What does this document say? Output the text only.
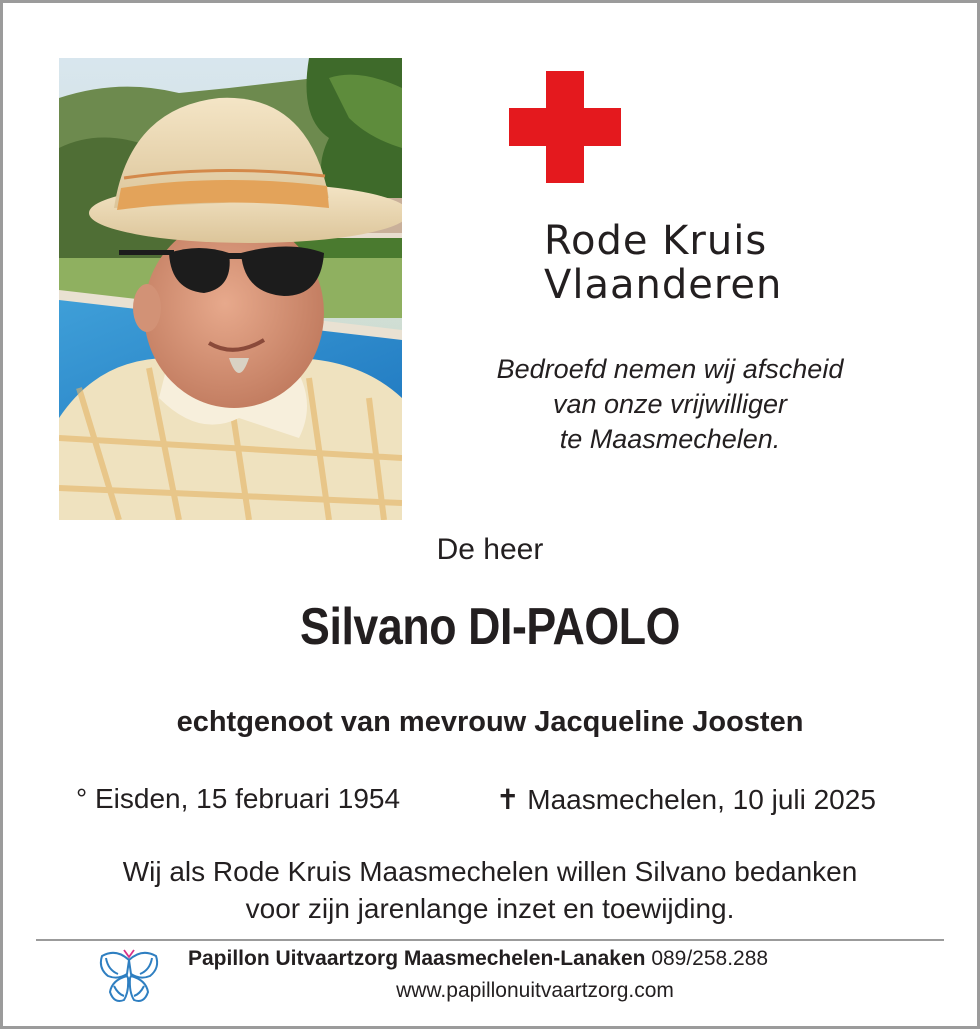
Rode Kruis
Vlaanderen
Bedroefd nemen wij afscheid
van onze vrijwilliger
te Maasmechelen.
De heer
Silvano DI-PAOLO
echtgenoot van mevrouw Jacqueline Joosten
° Eisden, 15 februari 1954	✝ Maasmechelen, 10 juli 2025
Wij als Rode Kruis Maasmechelen willen Silvano bedanken
voor zijn jarenlange inzet en toewijding.
Papillon Uitvaartzorg Maasmechelen-Lanaken 089/258.288
www.papillonuitvaartzorg.com
